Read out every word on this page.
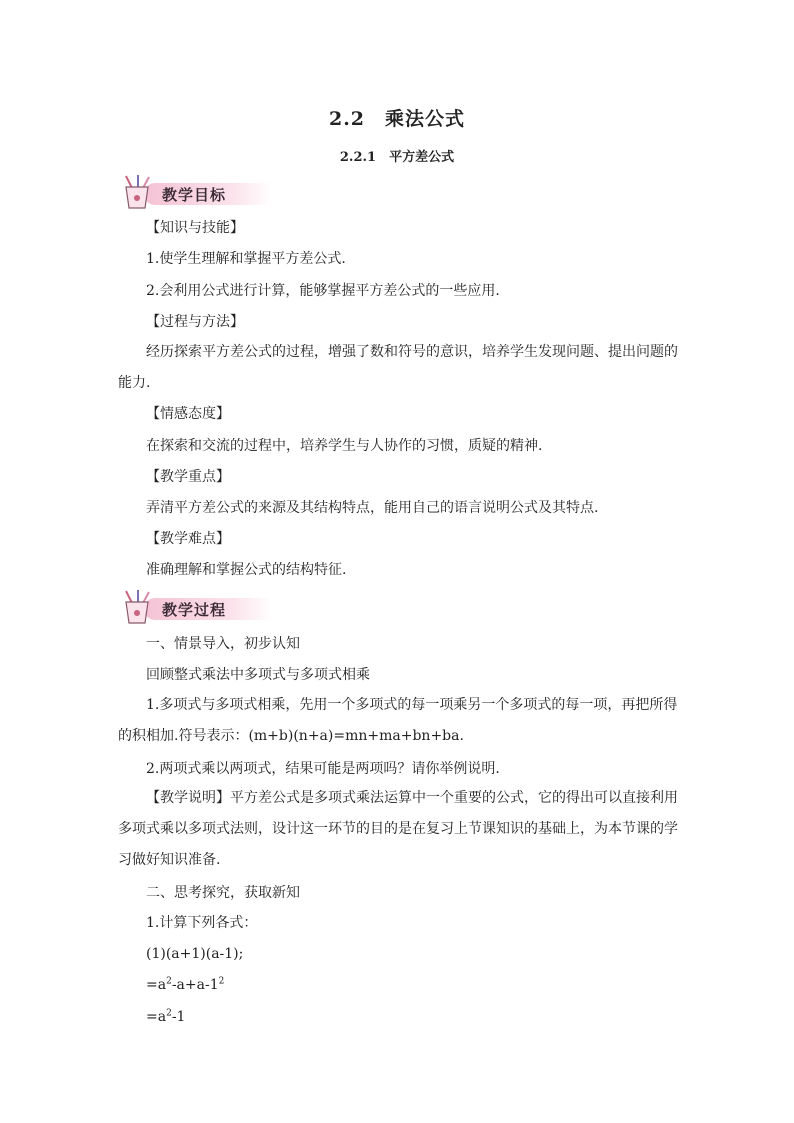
2.2　乘法公式
2.2.1　平方差公式
教学目标
【知识与技能】
1.使学生理解和掌握平方差公式.
2.会利用公式进行计算，能够掌握平方差公式的一些应用.
【过程与方法】
经历探索平方差公式的过程，增强了数和符号的意识，培养学生发现问题、提出问题的能力.
【情感态度】
在探索和交流的过程中，培养学生与人协作的习惯，质疑的精神.
【教学重点】
弄清平方差公式的来源及其结构特点，能用自己的语言说明公式及其特点.
【教学难点】
准确理解和掌握公式的结构特征.
教学过程
一、情景导入，初步认知
回顾整式乘法中多项式与多项式相乘
1.多项式与多项式相乘，先用一个多项式的每一项乘另一个多项式的每一项，再把所得的积相加.符号表示：(m+b)(n+a)=mn+ma+bn+ba.
2.两项式乘以两项式，结果可能是两项吗？请你举例说明.
【教学说明】平方差公式是多项式乘法运算中一个重要的公式，它的得出可以直接利用多项式乘以多项式法则，设计这一环节的目的是在复习上节课知识的基础上，为本节课的学习做好知识准备.
二、思考探究，获取新知
1.计算下列各式：
(1)(a+1)(a-1);
$=a^2-a+a-1^2$
$=a^2-1$
